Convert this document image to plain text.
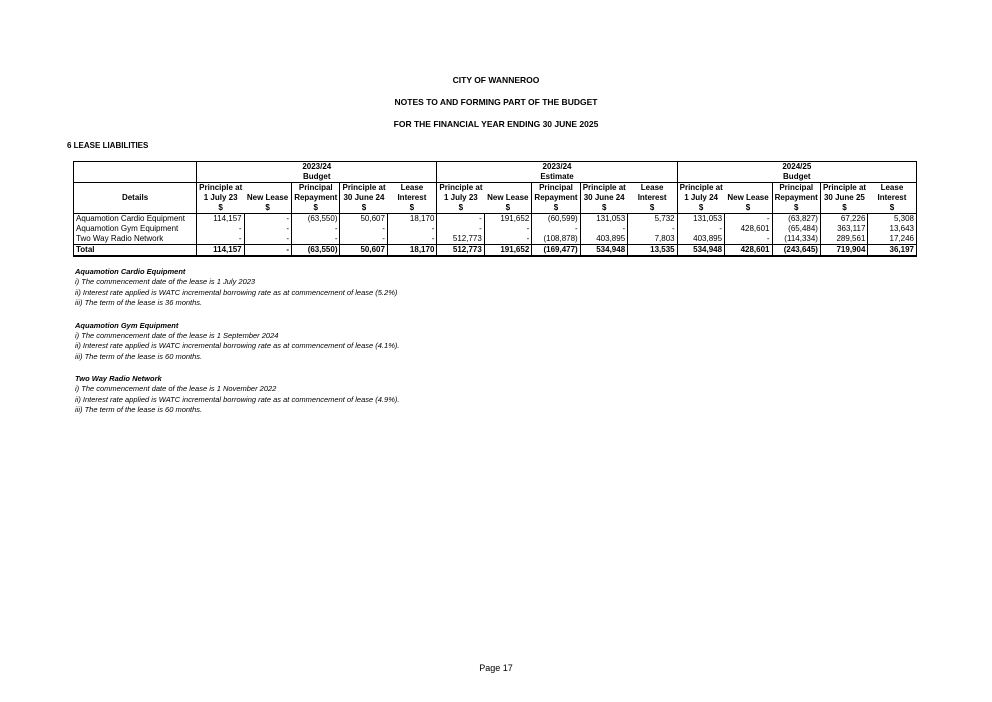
CITY OF WANNEROO
NOTES TO AND FORMING PART OF THE BUDGET
FOR THE FINANCIAL YEAR ENDING 30 JUNE 2025
6 LEASE LIABILITIES
	2023/24					2023/24					2024/25				
	Budget					Estimate					Budget				
	Principle at		Principal	Principle at	Lease	Principle at		Principal	Principle at	Lease	Principle at		Principal	Principle at	Lease
Details	1 July 23	New Lease	Repayment	30 June 24	Interest	1 July 23	New Lease	Repayment	30 June 24	Interest	1 July 24	New Lease	Repayment	30 June 25	Interest
	$	$	$	$	$	$	$	$	$	$	$	$	$	$	$
Aquamotion Cardio Equipment	114,157	-	(63,550)	50,607	18,170	-	191,652	(60,599)	131,053	5,732	131,053	-	(63,827)	67,226	5,308
Aquamotion Gym Equipment	-	-	-	-	-	-	-	-	-	-	-	428,601	(65,484)	363,117	13,643
Two Way Radio Network	-	-	-	-	-	512,773	-	(108,878)	403,895	7,803	403,895	-	(114,334)	289,561	17,246
Total	114,157	-	(63,550)	50,607	18,170	512,773	191,652	(169,477)	534,948	13,535	534,948	428,601	(243,645)	719,904	36,197
Aquamotion Cardio Equipment
i) The commencement date of the lease is 1 July 2023
ii) Interest rate applied is WATC incremental borrowing rate as at commencement of lease (5.2%)
iii) The term of the lease is 36 months.
Aquamotion Gym Equipment
i) The commencement date of the lease is 1 September 2024
ii) Interest rate applied is WATC incremental borrowing rate as at commencement of lease (4.1%).
iii) The term of the lease is 60 months.
Two Way Radio Network
i) The commencement date of the lease is 1 November 2022
ii) Interest rate applied is WATC incremental borrowing rate as at commencement of lease (4.9%).
iii) The term of the lease is 60 months.
Page 17
